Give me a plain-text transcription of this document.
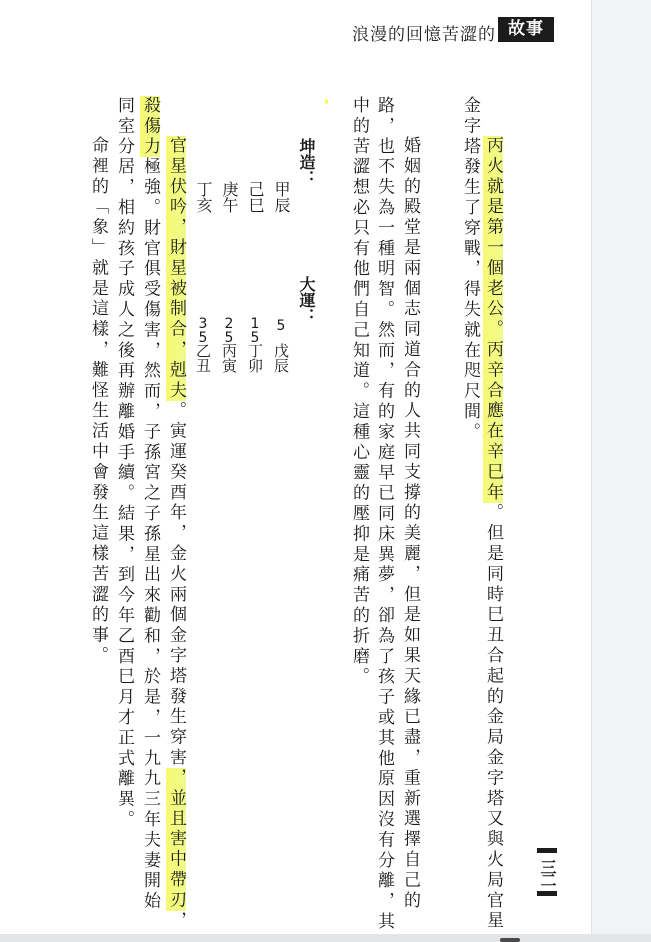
浪漫的回憶苦澀的 故事
金字塔發生了穿戰，得失就在咫尺間。 丙火就是第一個老公。丙辛合應在辛巳年。但是同時巳丑合起的金局金字塔又與火局官星
婚姻的殿堂是兩個志同道合的人共同支撐的美麗，但是如果天緣已盡，重新選擇自己的
路，也不失為一種明智。然而，有的家庭早已同床異夢，卻為了孩子或其他原因沒有分離，其
中的苦澀想必只有他們自己知道。這種心靈的壓抑是痛苦的折磨。
坤造：
大運：
甲辰
己巳
庚午
丁亥
5
戊辰
15
丁卯
25
丙寅
35
乙丑
官星伏吟，財星被制合，剋夫。寅運癸酉年，金火兩個金字塔發生穿害，並且害中帶刃，
殺傷力極強。財官俱受傷害，然而，子孫宮之子孫星出來勸和，於是，一九九三年夫妻開始
同室分居，相約孩子成人之後再辦離婚手續。結果，到今年乙酉巳月才正式離異。
命裡的「象」就是這樣，難怪生活中會發生這樣苦澀的事。
三二
